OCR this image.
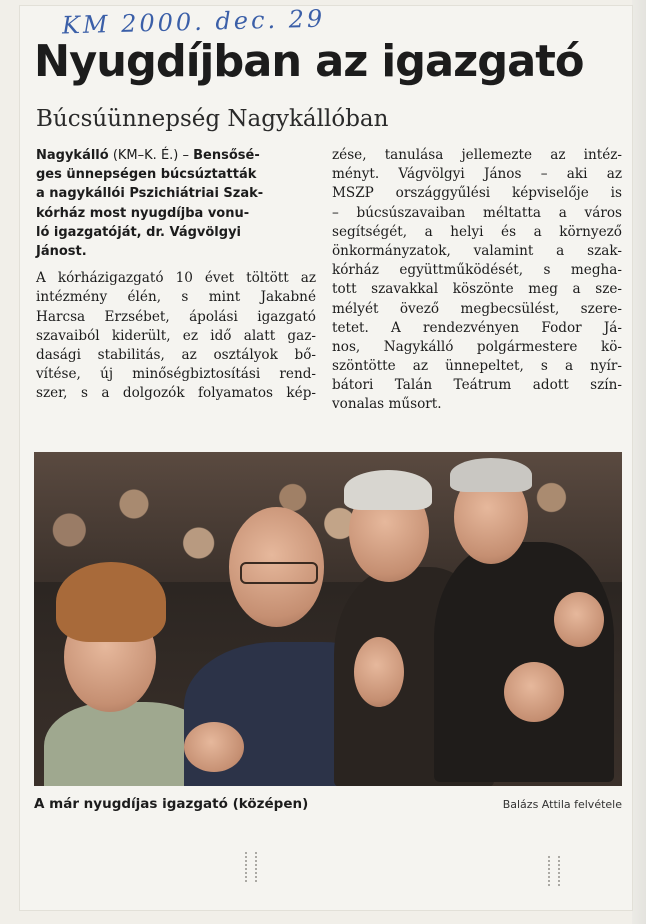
KM 2000. dec. 29
Nyugdíjban az igazgató
Búcsúünnepség Nagykállóban
Nagykálló (KM–K. É.) – Bensősé-
ges ünnepségen búcsúztatták
a nagykállói Pszichiátriai Szak-
kórház most nyugdíjba vonu-
ló igazgatóját, dr. Vágvölgyi
Jánost.
A kórházigazgató 10 évet töltött az
intézmény élén, s mint Jakabné
Harcsa Erzsébet, ápolási igazgató
szavaiból kiderült, ez idő alatt gaz-
dasági stabilitás, az osztályok bő-
vítése, új minőségbiztosítási rend-
szer, s a dolgozók folyamatos kép-
zése, tanulása jellemezte az intéz-
ményt. Vágvölgyi János – aki az
MSZP országgyűlési képviselője is
– búcsúszavaiban méltatta a város
segítségét, a helyi és a környező
önkormányzatok, valamint a szak-
kórház együttműködését, s megha-
tott szavakkal köszönte meg a sze-
mélyét övező megbecsülést, szere-
tetet. A rendezvényen Fodor Já-
nos, Nagykálló polgármestere kö-
szöntötte az ünnepeltet, s a nyír-
bátori Talán Teátrum adott szín-
vonalas műsort.
A már nyugdíjas igazgató (középen)	Balázs Attila felvétele
